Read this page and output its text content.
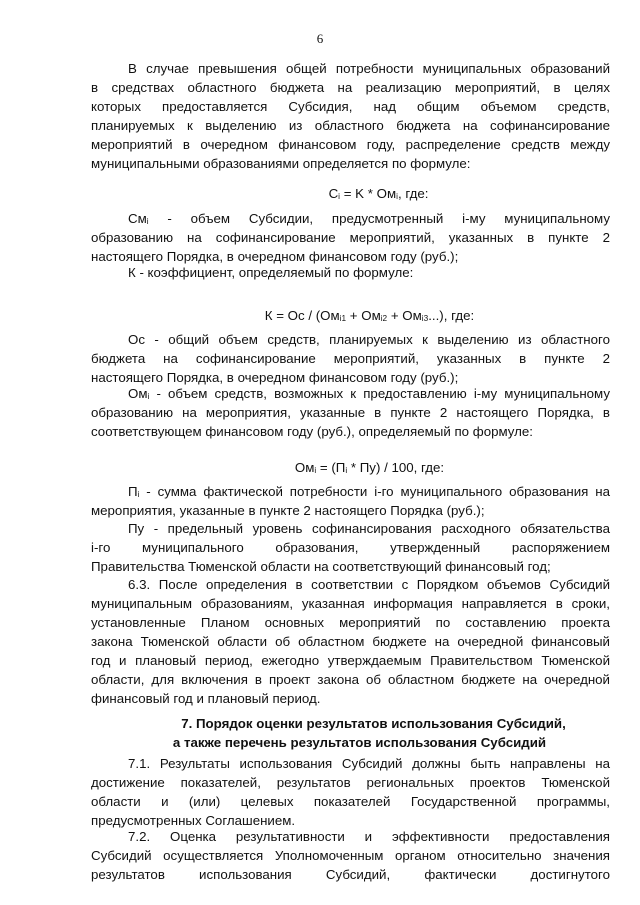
6
В случае превышения общей потребности муниципальных образований
в средствах областного бюджета на реализацию мероприятий, в целях
которых предоставляется Субсидия, над общим объемом средств,
планируемых к выделению из областного бюджета на софинансирование
мероприятий в очередном финансовом году, распределение средств между
муниципальными образованиями определяется по формуле:
$C_i = K * Ом_i$, где:
$См_i$ - объем Субсидии, предусмотренный i-му муниципальному
образованию на софинансирование мероприятий, указанных в пункте 2
настоящего Порядка, в очередном финансовом году (руб.);
К - коэффициент, определяемый по формуле:
К = Ос / $(Ом_{i1} + Ом_{i2} + Ом_{i3}...)$, где:
Ос - общий объем средств, планируемых к выделению из областного
бюджета на софинансирование мероприятий, указанных в пункте 2
настоящего Порядка, в очередном финансовом году (руб.);
$Ом_i$ - объем средств, возможных к предоставлению i-му муниципальному
образованию на мероприятия, указанные в пункте 2 настоящего Порядка, в
соответствующем финансовом году (руб.), определяемый по формуле:
$Ом_i = (П_i * Пу) / 100$, где:
$П_i$ - сумма фактической потребности i-го муниципального образования на
мероприятия, указанные в пункте 2 настоящего Порядка (руб.);
Пу - предельный уровень софинансирования расходного обязательства
i-го муниципального образования, утвержденный распоряжением
Правительства Тюменской области на соответствующий финансовый год;
6.3. После определения в соответствии с Порядком объемов Субсидий
муниципальным образованиям, указанная информация направляется в сроки,
установленные Планом основных мероприятий по составлению проекта
закона Тюменской области об областном бюджете на очередной финансовый
год и плановый период, ежегодно утверждаемым Правительством Тюменской
области, для включения в проект закона об областном бюджете на очередной
финансовый год и плановый период.
7. Порядок оценки результатов использования Субсидий,
а также перечень результатов использования Субсидий
7.1. Результаты использования Субсидий должны быть направлены на
достижение показателей, результатов региональных проектов Тюменской
области и (или) целевых показателей Государственной программы,
предусмотренных Соглашением.
7.2. Оценка результативности и эффективности предоставления
Субсидий осуществляется Уполномоченным органом относительно значения
результатов использования Субсидий, фактически достигнутого
